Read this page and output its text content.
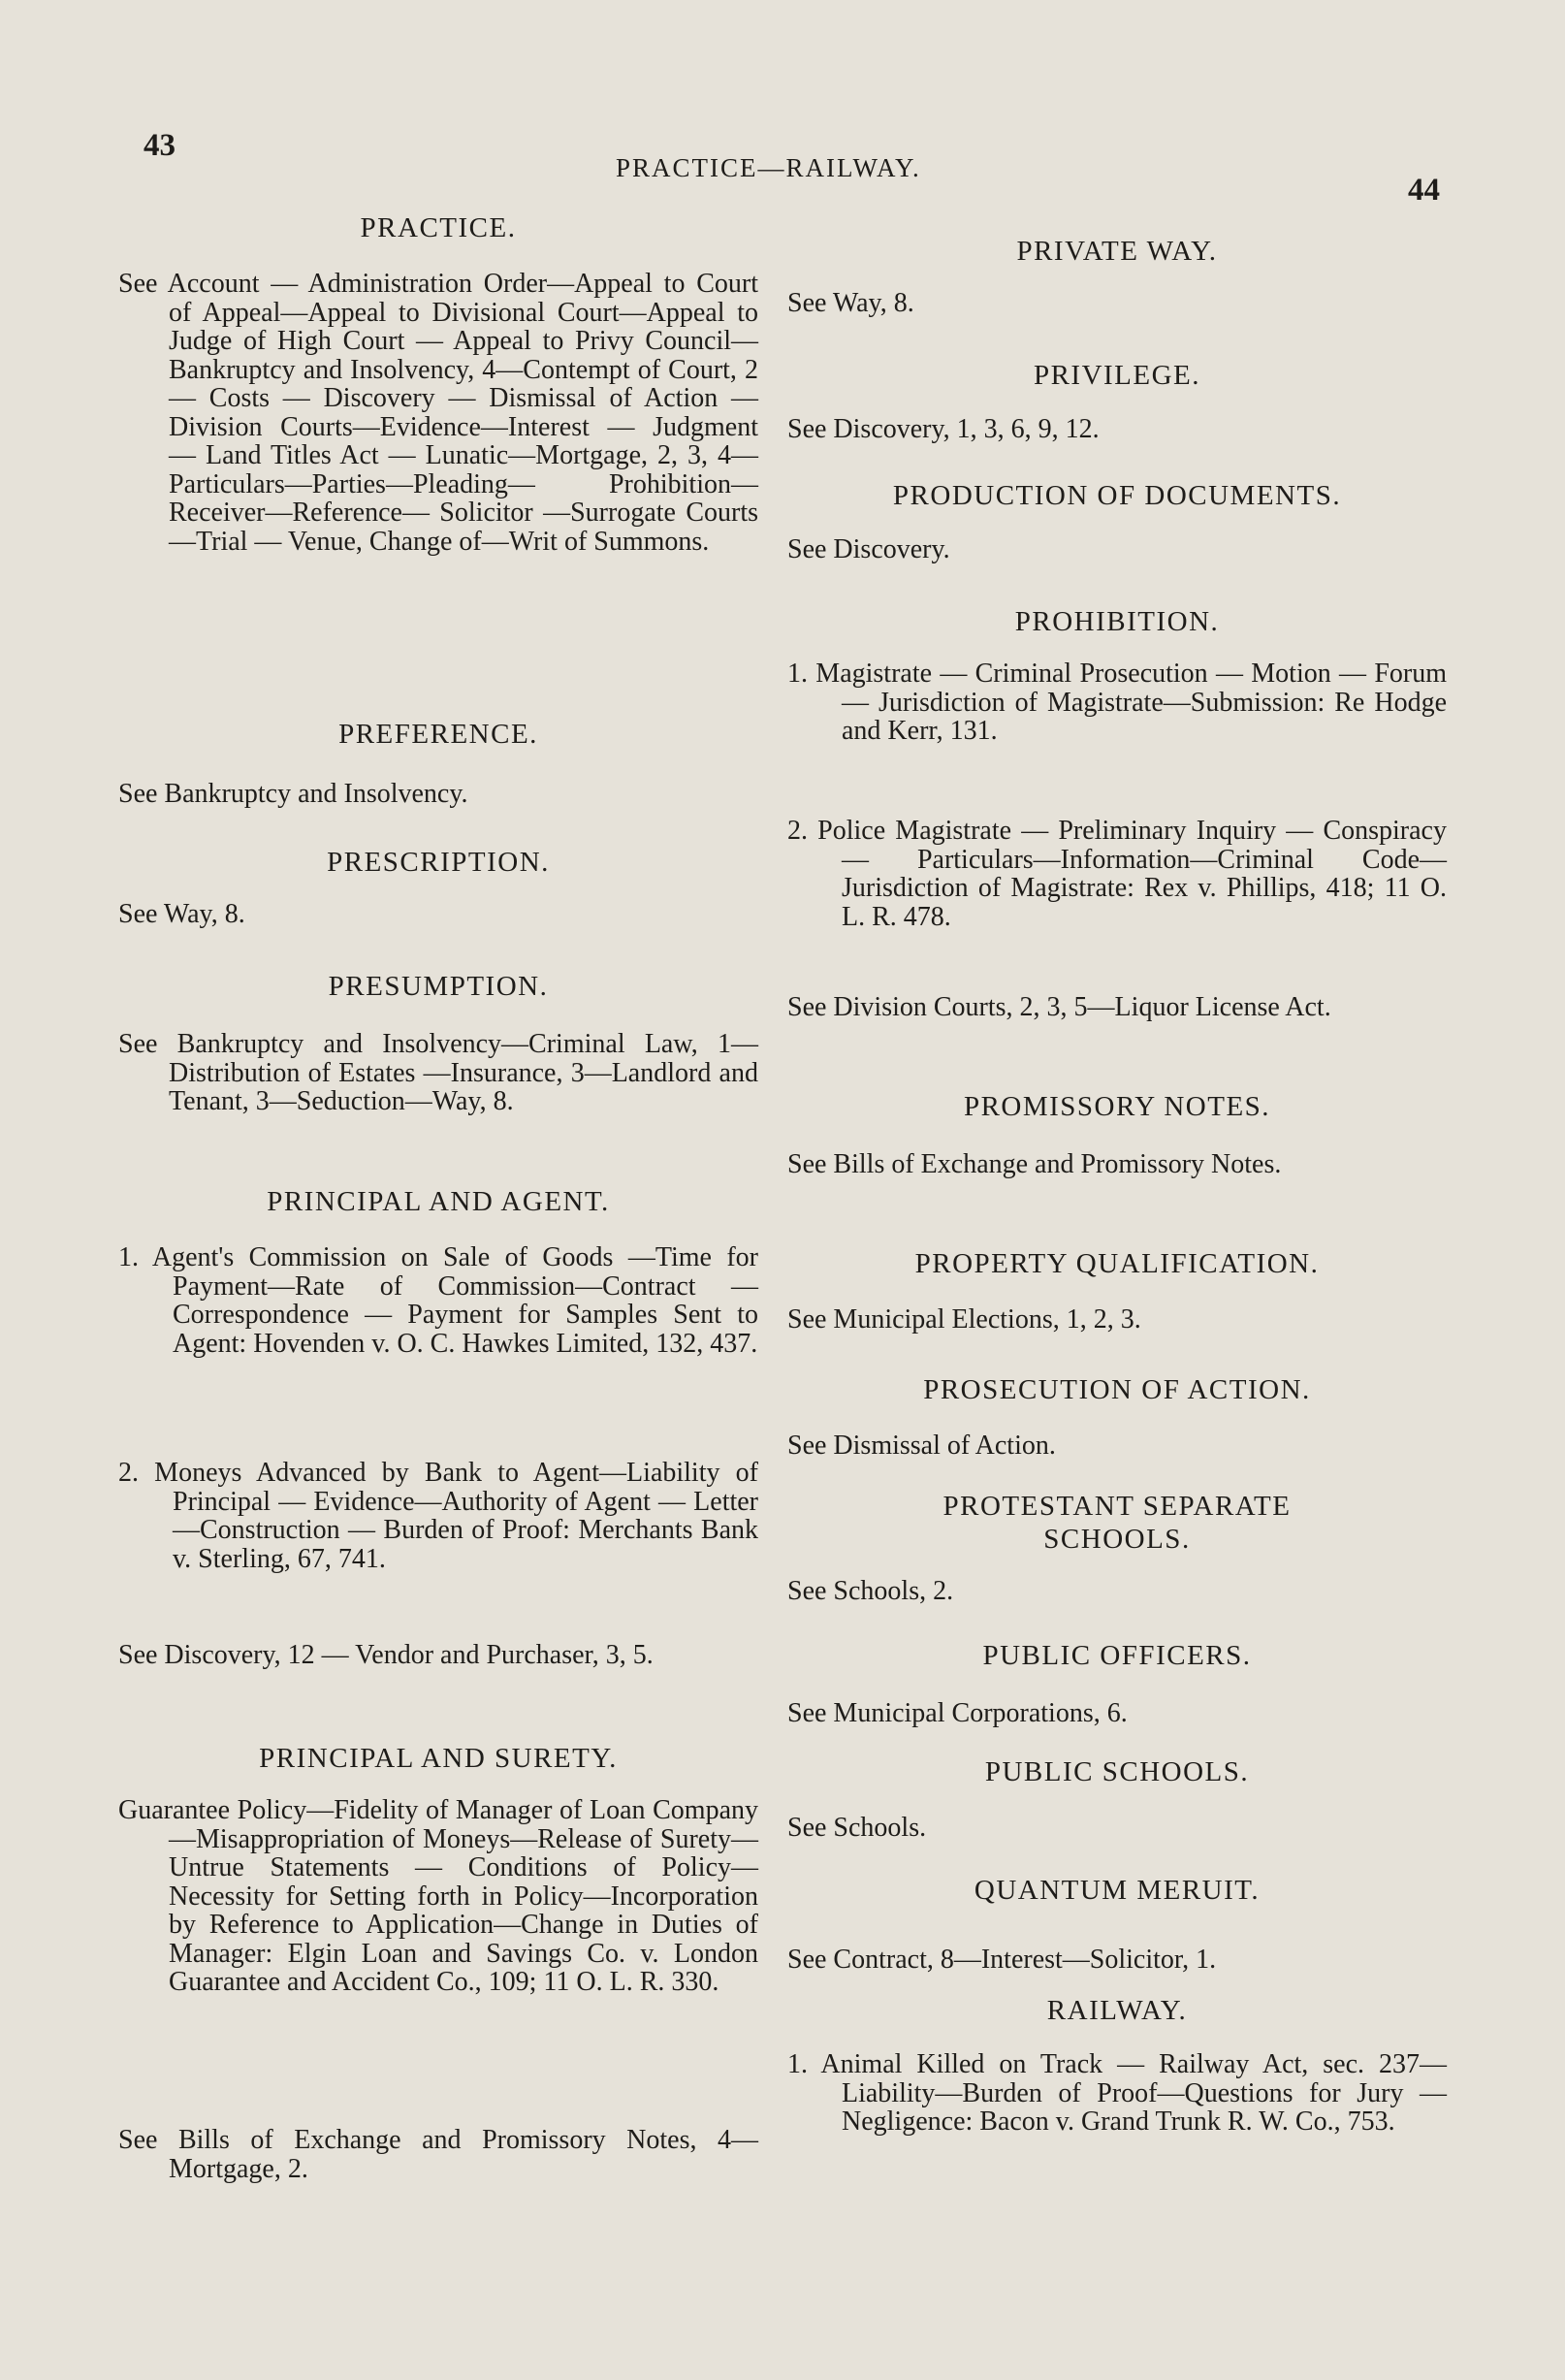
43
PRACTICE—RAILWAY.
44
PRACTICE.
See Account — Administration Order—Appeal to Court of Appeal—Appeal to Divisional Court—Appeal to Judge of High Court — Appeal to Privy Council—Bankruptcy and Insolvency, 4—Contempt of Court, 2 — Costs — Discovery — Dismissal of Action — Division Courts—Evidence—Interest — Judgment — Land Titles Act — Lunatic—Mortgage, 2, 3, 4—Particulars—Parties—Pleading— Prohibition—Receiver—Reference— Solicitor —Surrogate Courts—Trial — Venue, Change of—Writ of Summons.
PREFERENCE.
See Bankruptcy and Insolvency.
PRESCRIPTION.
See Way, 8.
PRESUMPTION.
See Bankruptcy and Insolvency—Criminal Law, 1—Distribution of Estates —Insurance, 3—Landlord and Tenant, 3—Seduction—Way, 8.
PRINCIPAL AND AGENT.
1. Agent's Commission on Sale of Goods —Time for Payment—Rate of Commission—Contract — Correspondence — Payment for Samples Sent to Agent: Hovenden v. O. C. Hawkes Limited, 132, 437.
2. Moneys Advanced by Bank to Agent—Liability of Principal — Evidence—Authority of Agent — Letter—Construction — Burden of Proof: Merchants Bank v. Sterling, 67, 741.
See Discovery, 12 — Vendor and Purchaser, 3, 5.
PRINCIPAL AND SURETY.
Guarantee Policy—Fidelity of Manager of Loan Company—Misappropriation of Moneys—Release of Surety—Untrue Statements — Conditions of Policy—Necessity for Setting forth in Policy—Incorporation by Reference to Application—Change in Duties of Manager: Elgin Loan and Savings Co. v. London Guarantee and Accident Co., 109; 11 O. L. R. 330.
See Bills of Exchange and Promissory Notes, 4—Mortgage, 2.
PRIVATE WAY.
See Way, 8.
PRIVILEGE.
See Discovery, 1, 3, 6, 9, 12.
PRODUCTION OF DOCUMENTS.
See Discovery.
PROHIBITION.
1. Magistrate — Criminal Prosecution — Motion — Forum — Jurisdiction of Magistrate—Submission: Re Hodge and Kerr, 131.
2. Police Magistrate — Preliminary Inquiry — Conspiracy — Particulars—Information—Criminal Code—Jurisdiction of Magistrate: Rex v. Phillips, 418; 11 O. L. R. 478.
See Division Courts, 2, 3, 5—Liquor License Act.
PROMISSORY NOTES.
See Bills of Exchange and Promissory Notes.
PROPERTY QUALIFICATION.
See Municipal Elections, 1, 2, 3.
PROSECUTION OF ACTION.
See Dismissal of Action.
PROTESTANT SEPARATE SCHOOLS.
See Schools, 2.
PUBLIC OFFICERS.
See Municipal Corporations, 6.
PUBLIC SCHOOLS.
See Schools.
QUANTUM MERUIT.
See Contract, 8—Interest—Solicitor, 1.
RAILWAY.
1. Animal Killed on Track — Railway Act, sec. 237—Liability—Burden of Proof—Questions for Jury — Negligence: Bacon v. Grand Trunk R. W. Co., 753.
